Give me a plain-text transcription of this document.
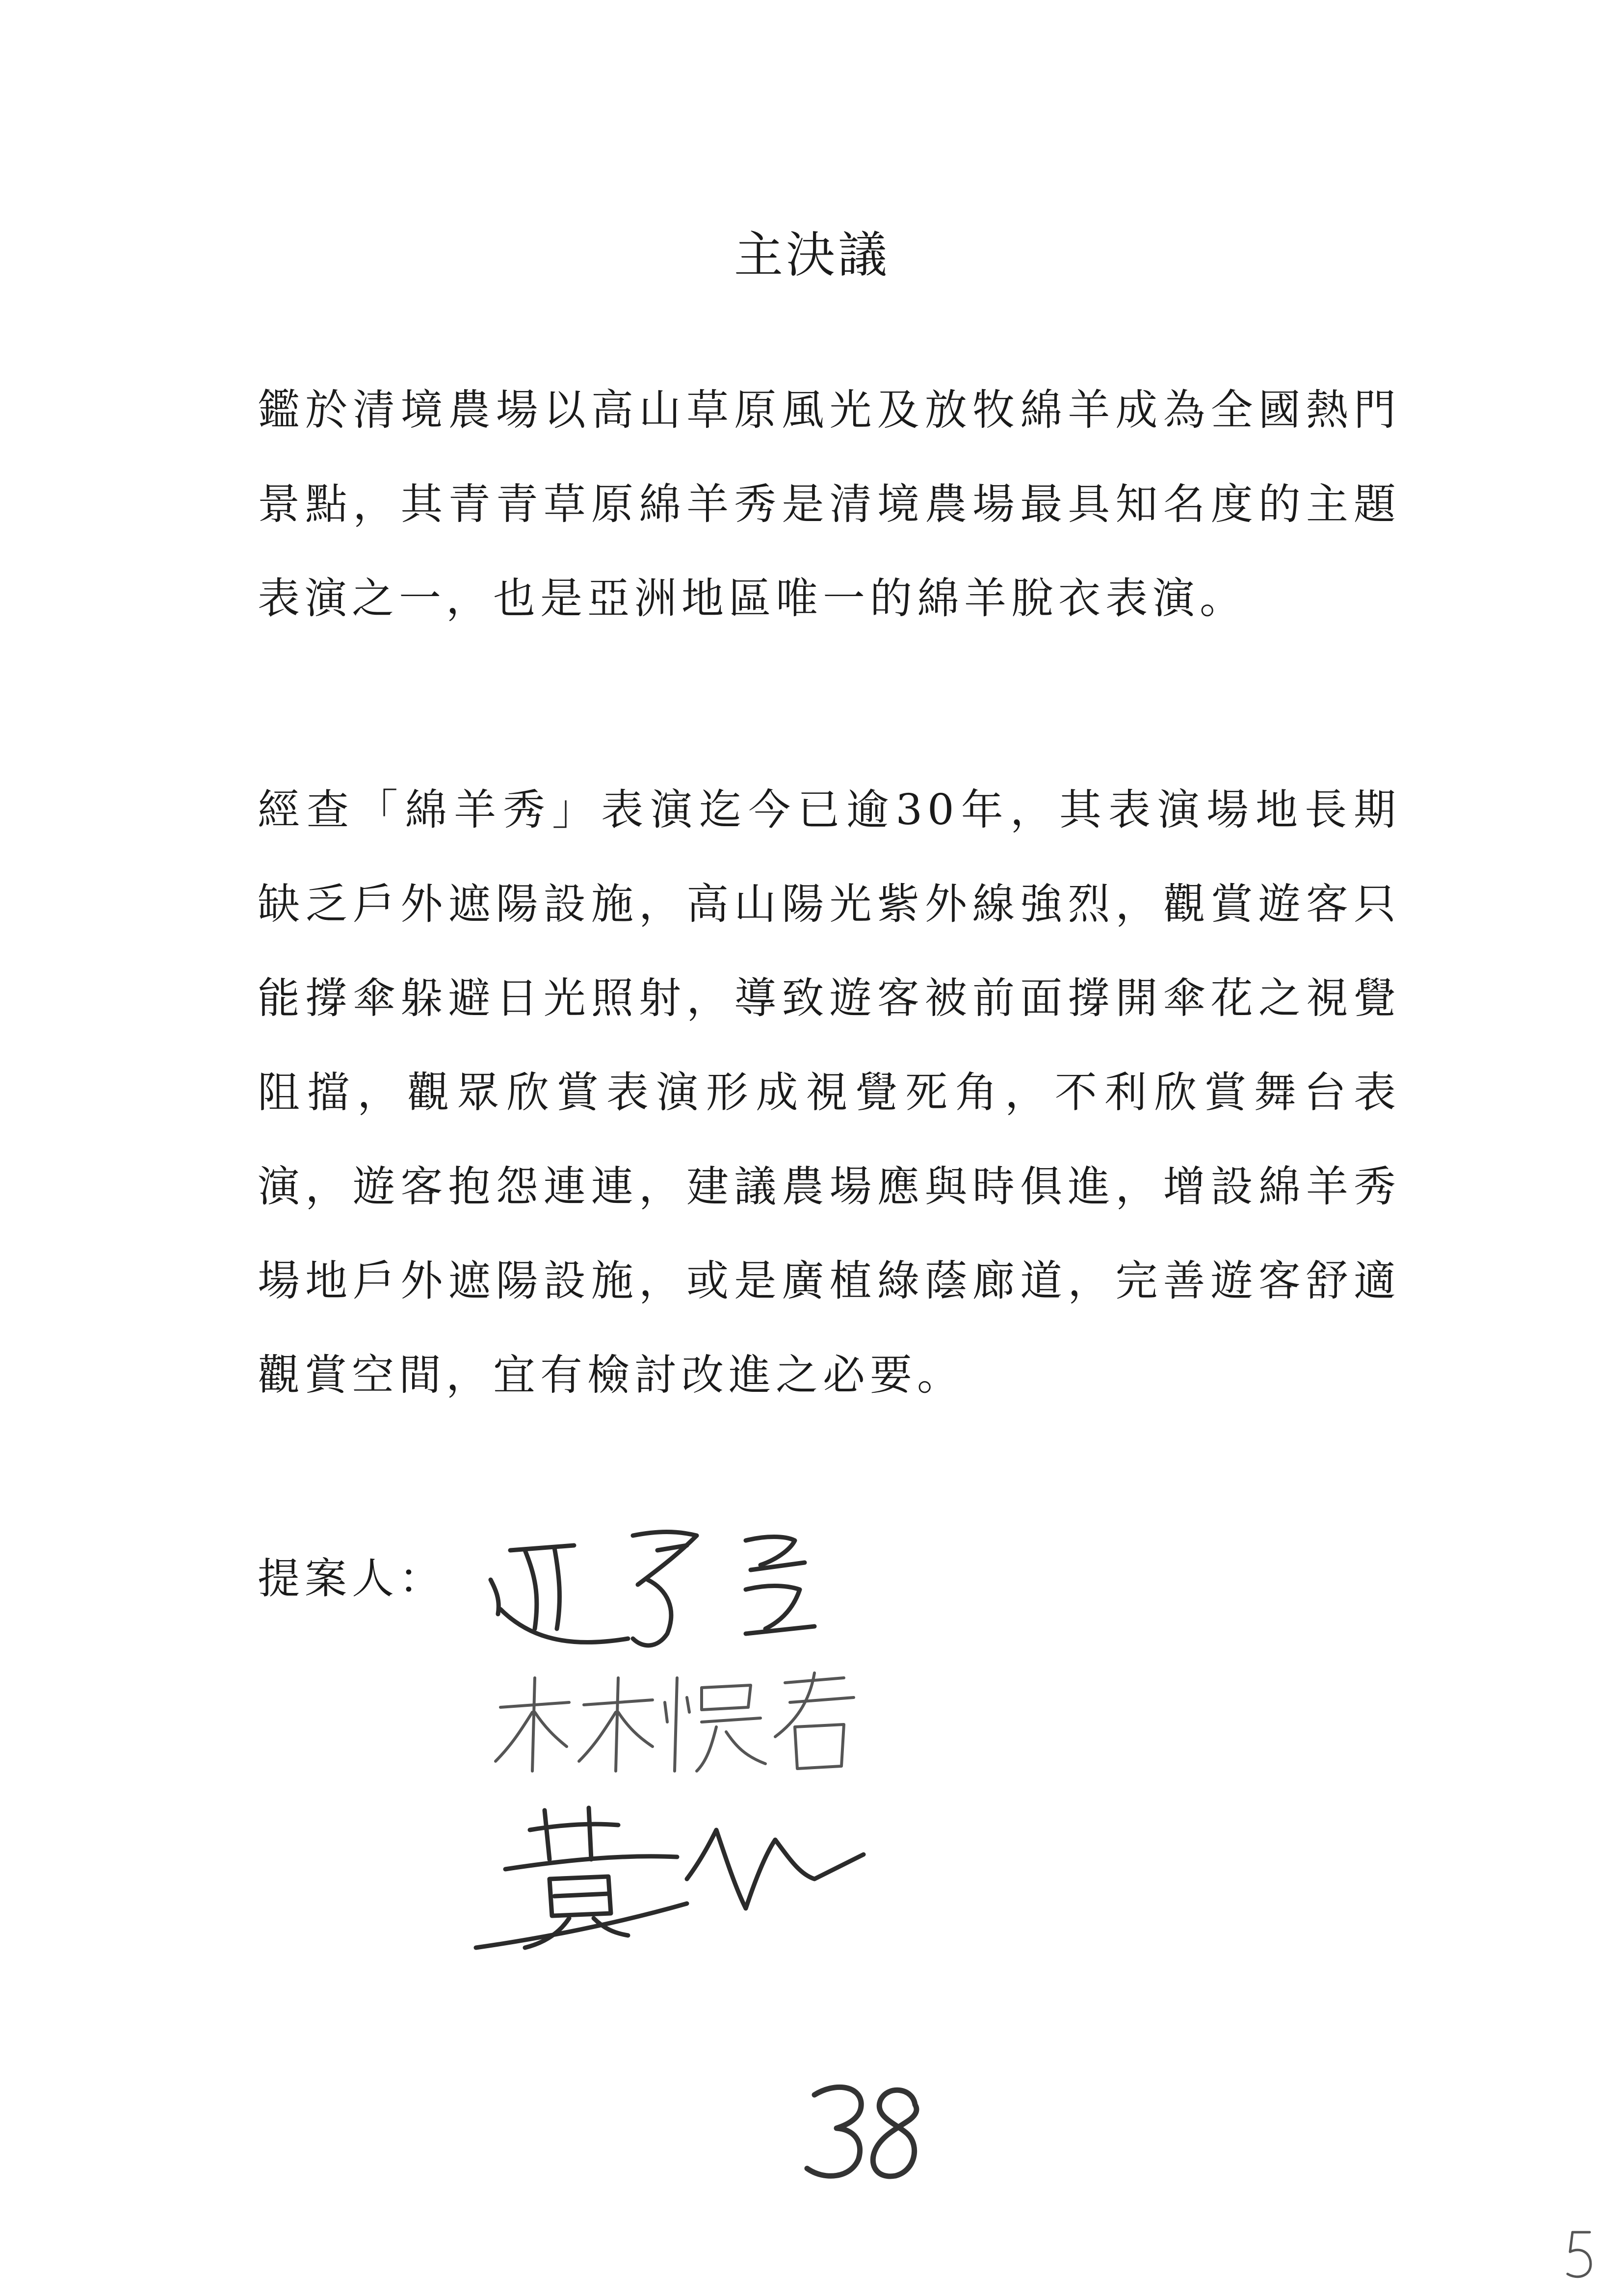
主決議

鑑於清境農場以高山草原風光及放牧綿羊成為全國熱門景點，其青青草原綿羊秀是清境農場最具知名度的主題表演之一，也是亞洲地區唯一的綿羊脫衣表演。

經查「綿羊秀」表演迄今已逾30年，其表演場地長期缺乏戶外遮陽設施，高山陽光紫外線強烈，觀賞遊客只能撐傘躲避日光照射，導致遊客被前面撐開傘花之視覺阻擋，觀眾欣賞表演形成視覺死角，不利欣賞舞台表演，遊客抱怨連連，建議農場應與時俱進，增設綿羊秀場地戶外遮陽設施，或是廣植綠蔭廊道，完善遊客舒適觀賞空間，宜有檢討改進之必要。

提案人：
